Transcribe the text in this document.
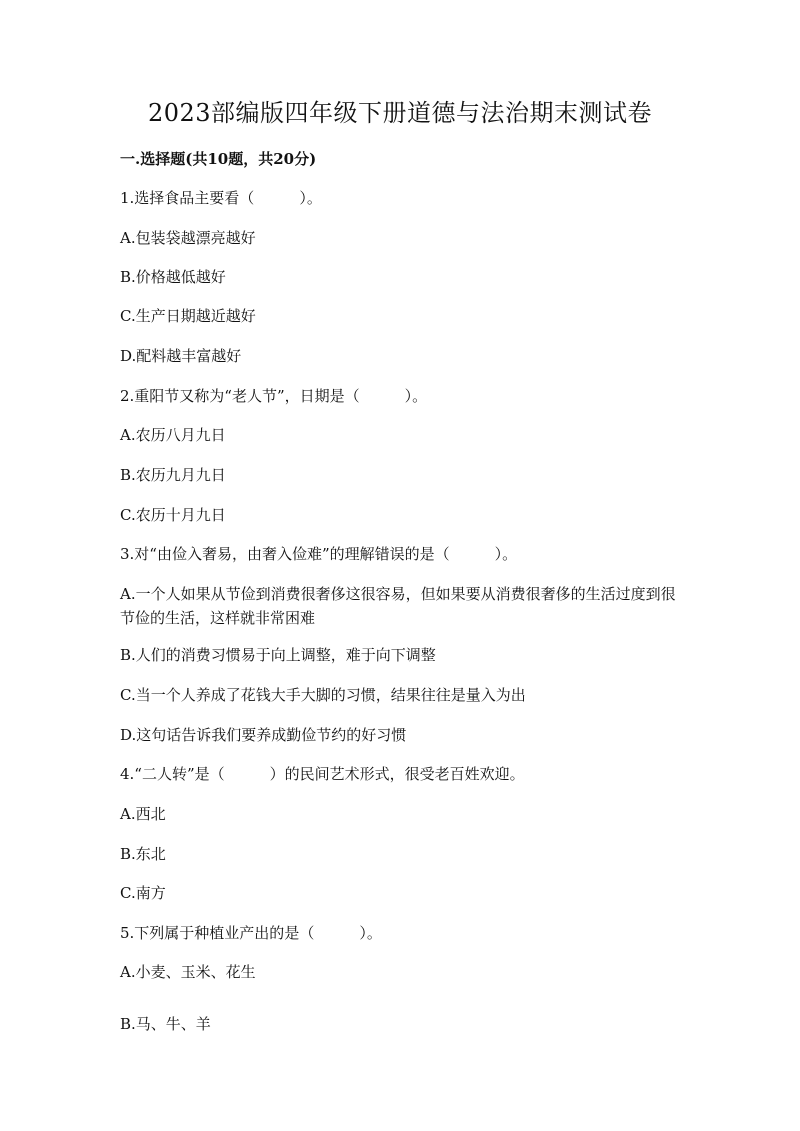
2023部编版四年级下册道德与法治期末测试卷
一.选择题(共10题，共20分)
1.选择食品主要看（　　　）。
A.包装袋越漂亮越好
B.价格越低越好
C.生产日期越近越好
D.配料越丰富越好
2.重阳节又称为“老人节”，日期是（　　　）。
A.农历八月九日
B.农历九月九日
C.农历十月九日
3.对“由俭入奢易，由奢入俭难”的理解错误的是（　　　）。
A.一个人如果从节俭到消费很奢侈这很容易，但如果要从消费很奢侈的生活过度到很节俭的生活，这样就非常困难
B.人们的消费习惯易于向上调整，难于向下调整
C.当一个人养成了花钱大手大脚的习惯，结果往往是量入为出
D.这句话告诉我们要养成勤俭节约的好习惯
4.“二人转”是（　　　）的民间艺术形式，很受老百姓欢迎。
A.西北
B.东北
C.南方
5.下列属于种植业产出的是（　　　）。
A.小麦、玉米、花生
B.马、牛、羊
